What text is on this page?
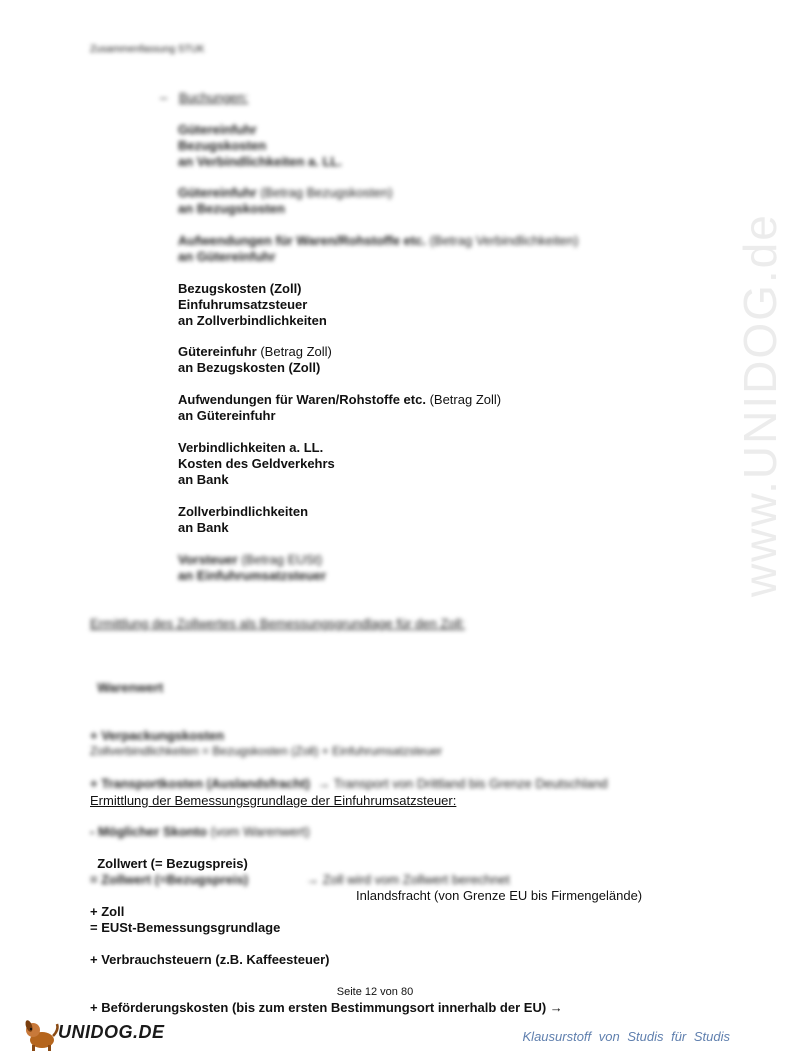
Zusammenfassung STUK
www.UNIDOG.de
– Buchungen:
Gütereinfuhr
Bezugskosten
an Verbindlichkeiten a. LL.
Gütereinfuhr (Betrag Bezugskosten)
an Bezugskosten
Aufwendungen für Waren/Rohstoffe etc. (Betrag Verbindlichkeiten)
an Gütereinfuhr
Bezugskosten (Zoll)
Einfuhrumsatzsteuer
an Zollverbindlichkeiten
Gütereinfuhr (Betrag Zoll)
an Bezugskosten (Zoll)
Aufwendungen für Waren/Rohstoffe etc. (Betrag Zoll)
an Gütereinfuhr
Verbindlichkeiten a. LL.
Kosten des Geldverkehrs
an Bank
Zollverbindlichkeiten
an Bank
Vorsteuer (Betrag EUSt)
an Einfuhrumsatzsteuer
Ermittlung des Zollwertes als Bemessungsgrundlage für den Zoll:

Warenwert

+ Verpackungskosten

+ Transportkosten (Auslandsfracht)  → Transport von Drittland bis Grenze Deutschland

- Möglicher Skonto (vom Warenwert)

= Zollwert (=Bezugspreis)                → Zoll wird vom Zollwert berechnet

Zollverbindlichkeiten = Bezugskosten (Zoll) + Einfuhrumsatzsteuer
Ermittlung der Bemessungsgrundlage der Einfuhrumsatzsteuer:

Zollwert (= Bezugspreis)

+ Zoll

+ Verbrauchsteuern (z.B. Kaffeesteuer)

+ Beförderungskosten (bis zum ersten Bestimmungsort innerhalb der EU) →

Inlandsfracht (von Grenze EU bis Firmengelände)
= EUSt-Bemessungsgrundlage
Seite 12 von 80
UNIDOG.DE	Klausurstoff von Studis für Studis
